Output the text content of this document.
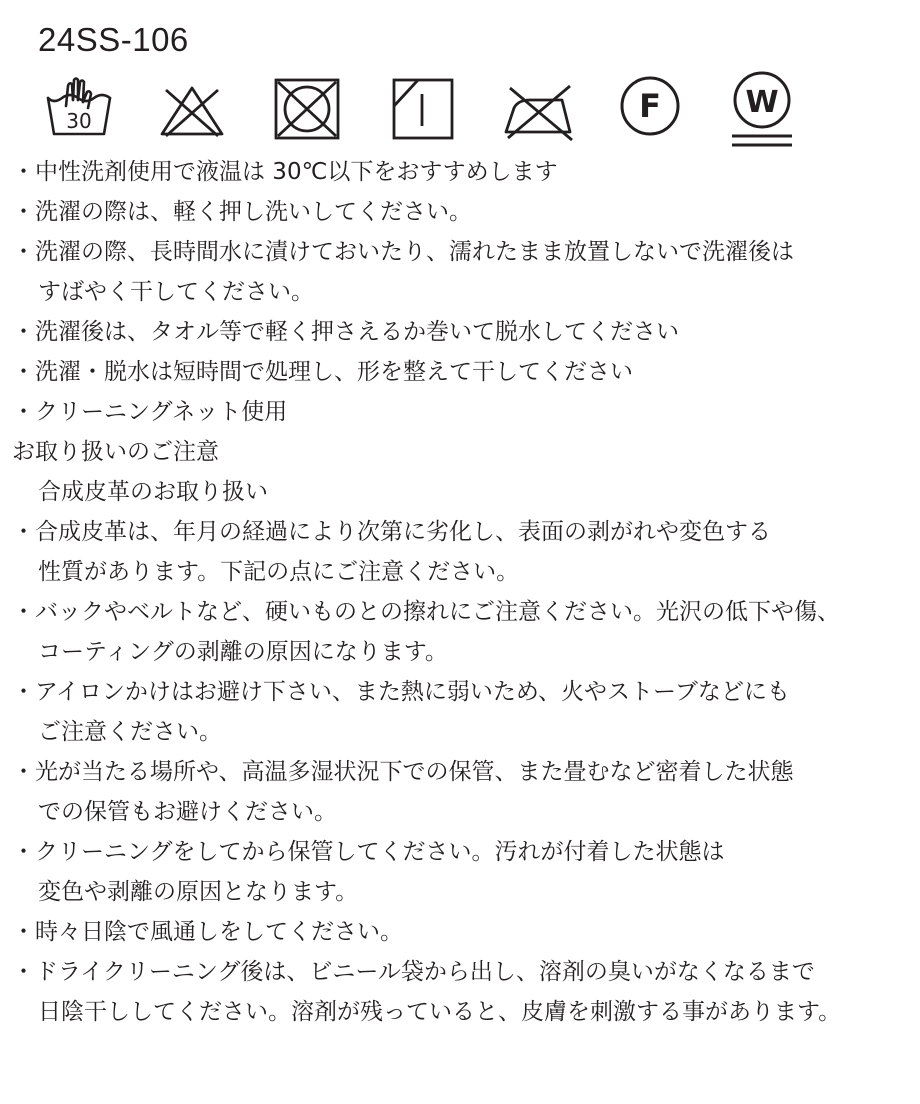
24SS-106
30	F	W
・中性洗剤使用で液温は 30℃以下をおすすめします
・洗濯の際は、軽く押し洗いしてください。
・洗濯の際、長時間水に漬けておいたり、濡れたまま放置しないで洗濯後は
すばやく干してください。
・洗濯後は、タオル等で軽く押さえるか巻いて脱水してください
・洗濯・脱水は短時間で処理し、形を整えて干してください
・クリーニングネット使用
お取り扱いのご注意
合成皮革のお取り扱い
・合成皮革は、年月の経過により次第に劣化し、表面の剥がれや変色する
性質があります。下記の点にご注意ください。
・バックやベルトなど、硬いものとの擦れにご注意ください。光沢の低下や傷、
コーティングの剥離の原因になります。
・アイロンかけはお避け下さい、また熱に弱いため、火やストーブなどにも
ご注意ください。
・光が当たる場所や、高温多湿状況下での保管、また畳むなど密着した状態
での保管もお避けください。
・クリーニングをしてから保管してください。汚れが付着した状態は
変色や剥離の原因となります。
・時々日陰で風通しをしてください。
・ドライクリーニング後は、ビニール袋から出し、溶剤の臭いがなくなるまで
日陰干ししてください。溶剤が残っていると、皮膚を刺激する事があります。
